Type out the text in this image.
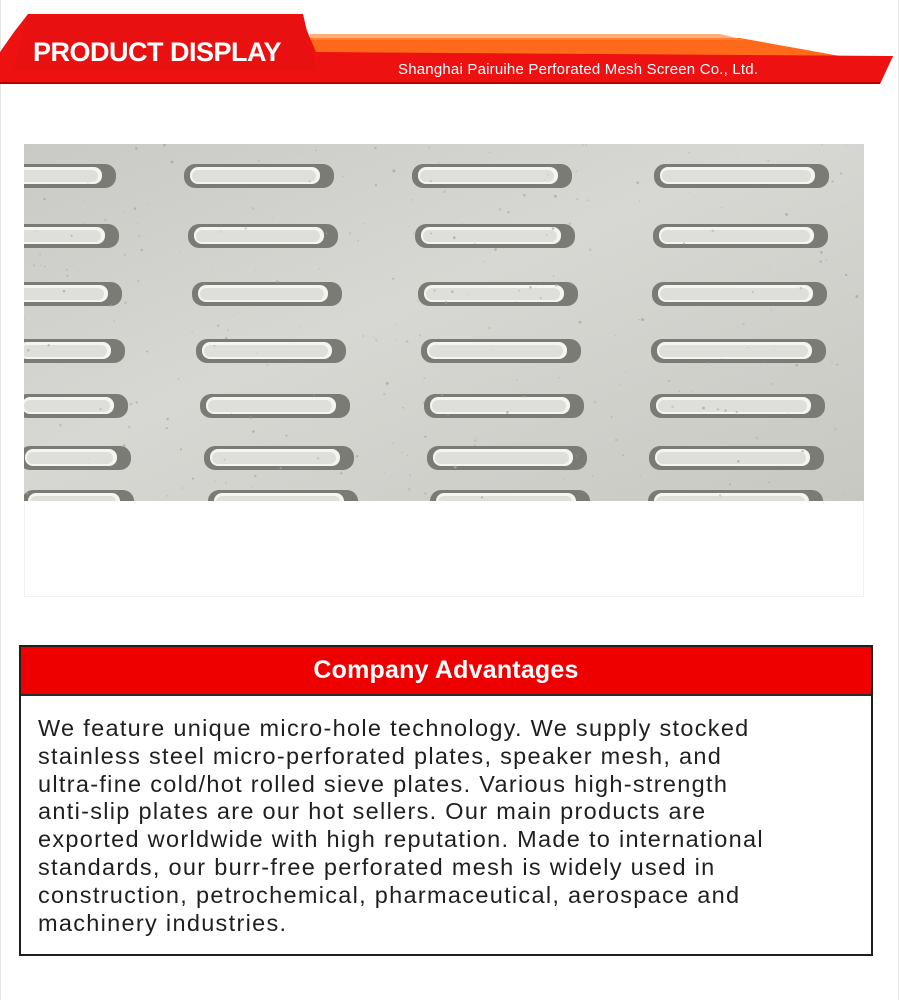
PRODUCT DISPLAY
Shanghai Pairuihe Perforated Mesh Screen Co., Ltd.
Company Advantages

We feature unique micro-hole technology. We supply stocked
stainless steel micro-perforated plates, speaker mesh, and
ultra-fine cold/hot rolled sieve plates. Various high-strength
anti-slip plates are our hot sellers. Our main products are
exported worldwide with high reputation. Made to international
standards, our burr-free perforated mesh is widely used in
construction, petrochemical, pharmaceutical, aerospace and
machinery industries.
